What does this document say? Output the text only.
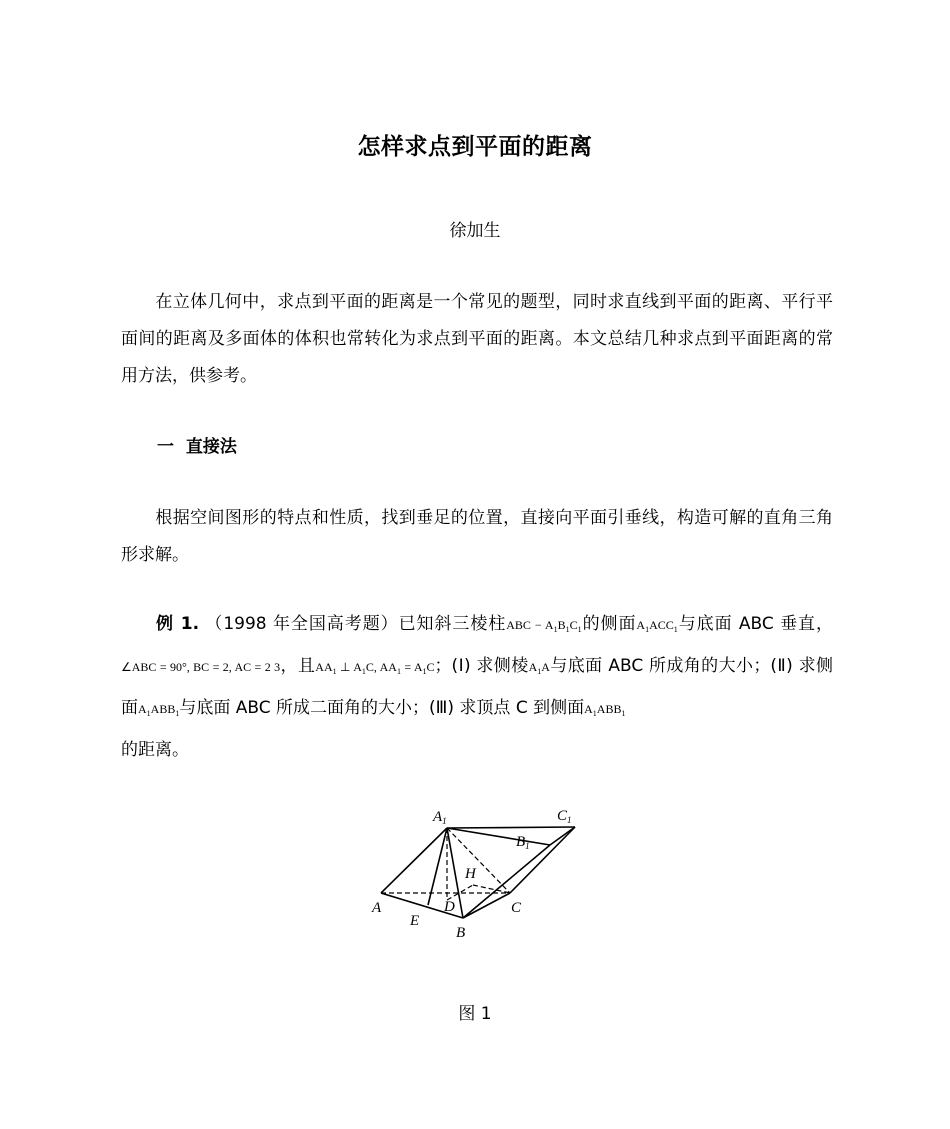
怎样求点到平面的距离
徐加生
在立体几何中，求点到平面的距离是一个常见的题型，同时求直线到平面的距离、平行平面间的距离及多面体的体积也常转化为求点到平面的距离。本文总结几种求点到平面距离的常用方法，供参考。
一 直接法
根据空间图形的特点和性质，找到垂足的位置，直接向平面引垂线，构造可解的直角三角形求解。
例 1. （1998 年全国高考题）已知斜三棱柱ABC − $A_1B_1C_1$的侧面$A_1ACC_1$与底面 ABC 垂直，∠ABC = 90°, BC = 2, AC = 2 3，且$AA_1$ ⊥ $A_1C$, $AA_1 = A_1C$；(Ⅰ) 求侧棱$A_1A$与底面 ABC 所成角的大小；(Ⅱ) 求侧面$A_1ABB_1$与底面 ABC 所成二面角的大小；(Ⅲ) 求顶点 C 到侧面$A_1ABB_1$
的距离。
$A_1$	$C_1$
$B_1$
H
A
E
D	C
B
图 1
